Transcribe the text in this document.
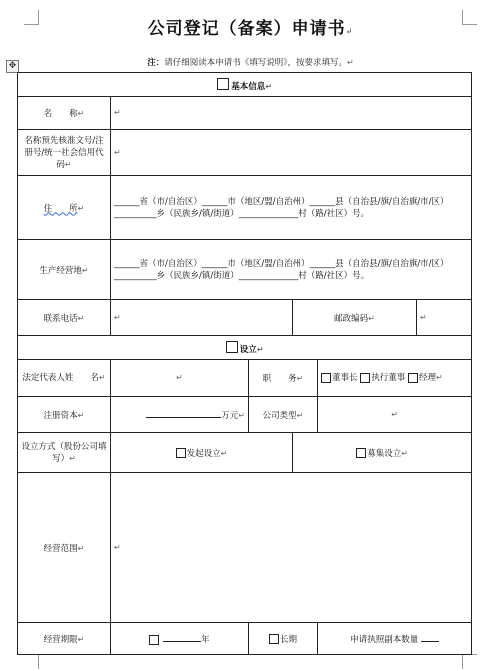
公司登记（备案）申请书↵
注：请仔细阅读本申请书《填写说明》，按要求填写。↵
✥
基本信息↵					
名　　称↵	↵				
名称预先核准文号/注册号/统一社会信用代码↵	↵				
住　　所↵	______省（市/自治区）______市（地区/盟/自治州）______县（自治县/旗/自治旗/市/区）__________乡（民族乡/镇/街道）______________村（路/社区）号。				
生产经营地↵	______省（市/自治区）______市（地区/盟/自治州）______县（自治县/旗/自治旗/市/区）__________乡（民族乡/镇/街道）______________村（路/社区）号。				
联系电话↵	↵		邮政编码↵		↵
设立↵					
法定代表人姓　　名↵	↵	职　　务↵		董事长 执行董事 经理↵	
注册资本↵	万元↵	公司类型↵		↵	
设立方式（股份公司填写）↵	发起设立↵		募集设立↵		
经营范围↵	↵				
经营期限↵	年	长期		申请执照副本数量	
